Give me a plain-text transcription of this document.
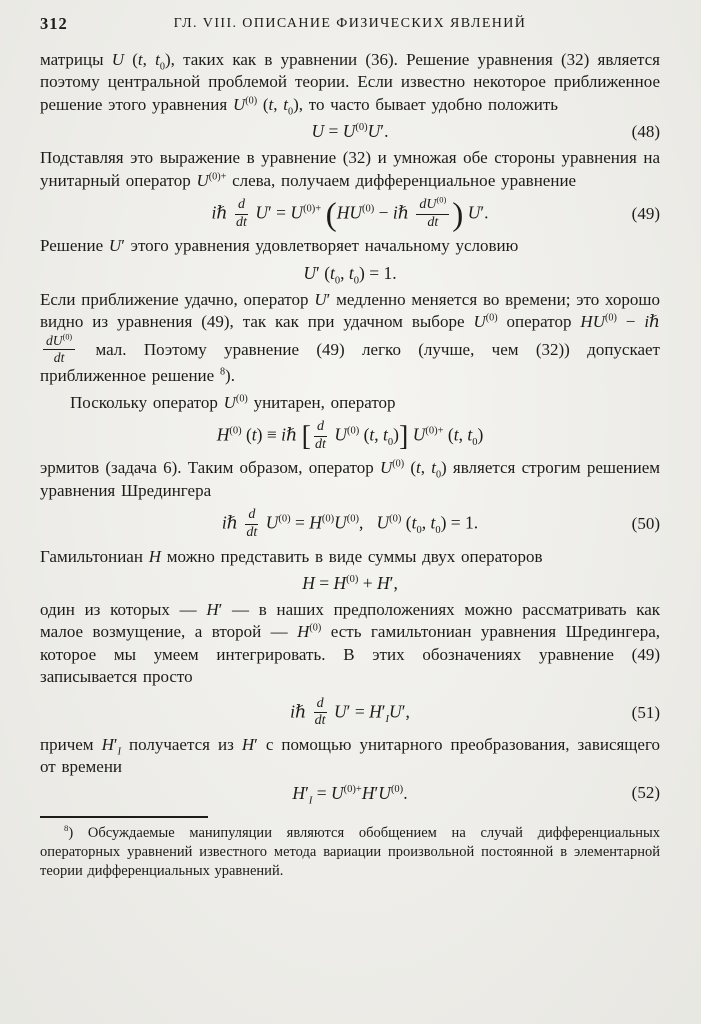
312	ГЛ. VIII. ОПИСАНИЕ ФИЗИЧЕСКИХ ЯВЛЕНИЙ

матрицы U (t, $t_0$), таких как в уравнении (36). Решение уравнения (32) является поэтому центральной проблемой теории. Если известно некоторое приближенное решение этого уравнения $U^{(0)}$ (t, $t_0$), то часто бывает удобно положить

$U = U^{(0)}U'$.	(48)

Подставляя это выражение в уравнение (32) и умножая обе стороны уравнения на унитарный оператор $U^{(0)+}$ слева, получаем дифференциальное уравнение

iℏ $\frac{d}{dt} U' = U^{(0)+}$ ($HU^{(0)}$ − iℏ $\frac{dU^{(0)}}{dt}$ ) U′.	(49)

Решение U′ этого уравнения удовлетворяет начальному условию

U′ ($t_0$, $t_0) = 1$.

Если приближение удачно, оператор U′ медленно меняется во времени; это хорошо видно из уравнения (49), так как при удачном выборе $U^{(0)}$ оператор $HU^{(0)}$ − iℏ
$\frac{dU^{(0)}}{dt}$ мал. Поэтому уравнение (49) легко (лучше, чем (32)) допускает приближенное решение $^8$).

Поскольку оператор $U^{(0)}$ унитарен, оператор

$H^{(0)}$ (t) ≡ iℏ [ $\frac{d}{dt} U^{(0)}$ (t, $t_0$)] $U^{(0)+}$ (t, $t_0$)

эрмитов (задача 6). Таким образом, оператор $U^{(0)}$ (t, $t_0$) является строгим решением уравнения Шредингера

iℏ $\frac{d}{dt} U^{(0)} = H^{(0)}U^{(0)}$,   $U^{(0)}$ ($t_0$, $t_0) = 1$.	(50)

Гамильтониан H можно представить в виде суммы двух операторов

$H = H^{(0)} + H'$,

один из которых — H′ — в наших предположениях можно рассматривать как малое возмущение, а второй — $H^{(0)}$ есть гамильтониан уравнения Шредингера, которое мы умеем интегрировать. В этих обозначениях уравнение (49) записывается просто

iℏ $\frac{d}{dt} U' = H'_IU'$,	(51)

причем $H'_I$ получается из H′ с помощью унитарного преобразования, зависящего от времени

$H'_I = U^{(0)+}H'U^{(0)}$.	(52)

$^8$) Обсуждаемые манипуляции являются обобщением на случай дифференциальных операторных уравнений известного метода вариации произвольной постоянной в элементарной теории дифференциальных уравнений.
